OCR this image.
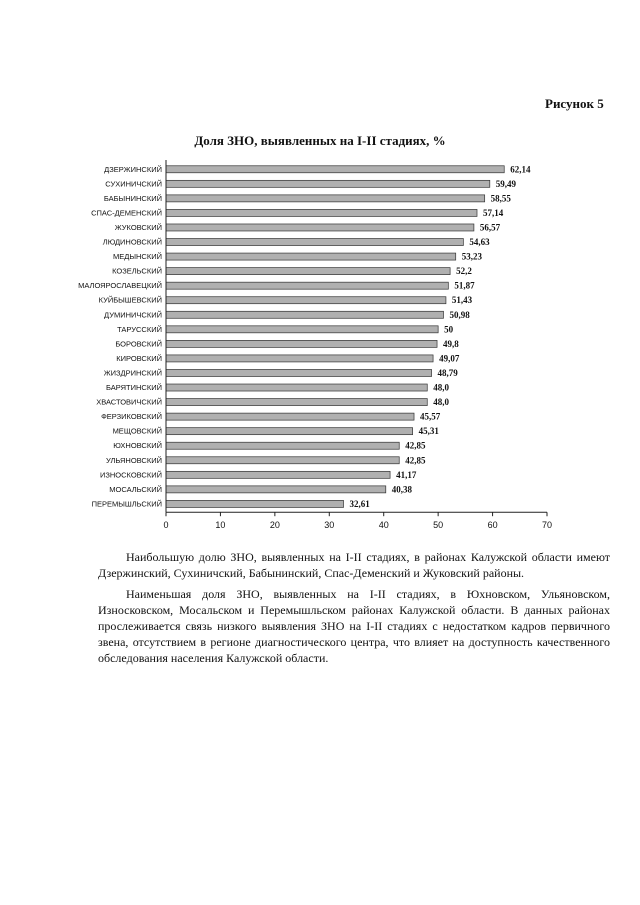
Рисунок 5
Доля ЗНО, выявленных на I-II стадиях, %
ДЗЕРЖИНСКИЙ	62,14
СУХИНИЧСКИЙ	59,49
БАБЫНИНСКИЙ	58,55
СПАС-ДЕМЕНСКИЙ	57,14
ЖУКОВСКИЙ	56,57
ЛЮДИНОВСКИЙ	54,63
МЕДЫНСКИЙ	53,23
КОЗЕЛЬСКИЙ	52,2
МАЛОЯРОСЛАВЕЦКИЙ	51,87
КУЙБЫШЕВСКИЙ	51,43
ДУМИНИЧСКИЙ	50,98
ТАРУССКИЙ	50
БОРОВСКИЙ	49,8
КИРОВСКИЙ	49,07
ЖИЗДРИНСКИЙ	48,79
БАРЯТИНСКИЙ	48,0
ХВАСТОВИЧСКИЙ	48,0
ФЕРЗИКОВСКИЙ	45,57
МЕЩОВСКИЙ	45,31
ЮХНОВСКИЙ	42,85
УЛЬЯНОВСКИЙ	42,85
ИЗНОСКОВСКИЙ	41,17
МОСАЛЬСКИЙ	40,38
ПЕРЕМЫШЛЬСКИЙ	32,61
0	10	20	30	40	50	60	70
Наибольшую долю ЗНО, выявленных на I-II стадиях, в районах Калужской области имеют Дзержинский, Сухиничский, Бабынинский, Спас-Деменский и Жуковский районы.
Наименьшая доля ЗНО, выявленных на I-II стадиях, в Юхновском, Ульяновском, Износковском, Мосальском и Перемышльском районах Калужской области. В данных районах прослеживается связь низкого выявления ЗНО на I-II стадиях с недостатком кадров первичного звена, отсутствием в регионе диагностического центра, что влияет на доступность качественного обследования населения Калужской области.
